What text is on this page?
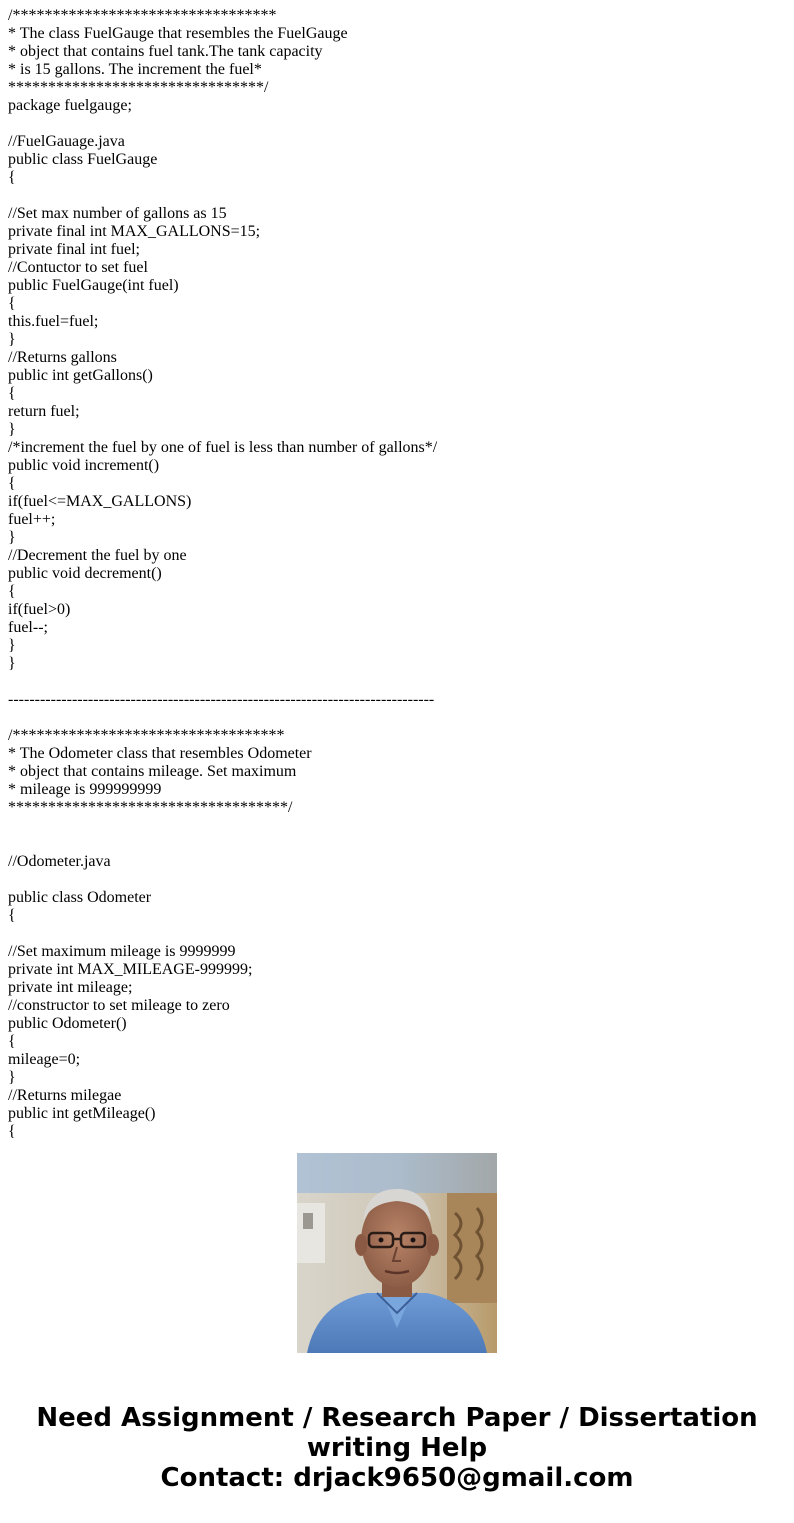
/*********************************
* The class FuelGauge that resembles the FuelGauge
* object that contains fuel tank.The tank capacity
* is 15 gallons. The increment the fuel*
********************************/
package fuelgauge;
//FuelGauage.java
public class FuelGauge
{
//Set max number of gallons as 15
private final int MAX_GALLONS=15;
private final int fuel;
//Contuctor to set fuel
public FuelGauge(int fuel)
{
this.fuel=fuel;
}
//Returns gallons
public int getGallons()
{
return fuel;
}
/*increment the fuel by one of fuel is less than number of gallons*/
public void increment()
{
if(fuel<=MAX_GALLONS)
fuel++;
}
//Decrement the fuel by one
public void decrement()
{
if(fuel>0)
fuel--;
}
}
--------------------------------------------------------------------------------
/**********************************
* The Odometer class that resembles Odometer
* object that contains mileage. Set maximum
* mileage is 999999999
***********************************/
//Odometer.java
public class Odometer
{
//Set maximum mileage is 9999999
private int MAX_MILEAGE-999999;
private int mileage;
//constructor to set mileage to zero
public Odometer()
{
mileage=0;
}
//Returns milegae
public int getMileage()
{
Need Assignment / Research Paper / Dissertation
writing Help
Contact: drjack9650@gmail.com
